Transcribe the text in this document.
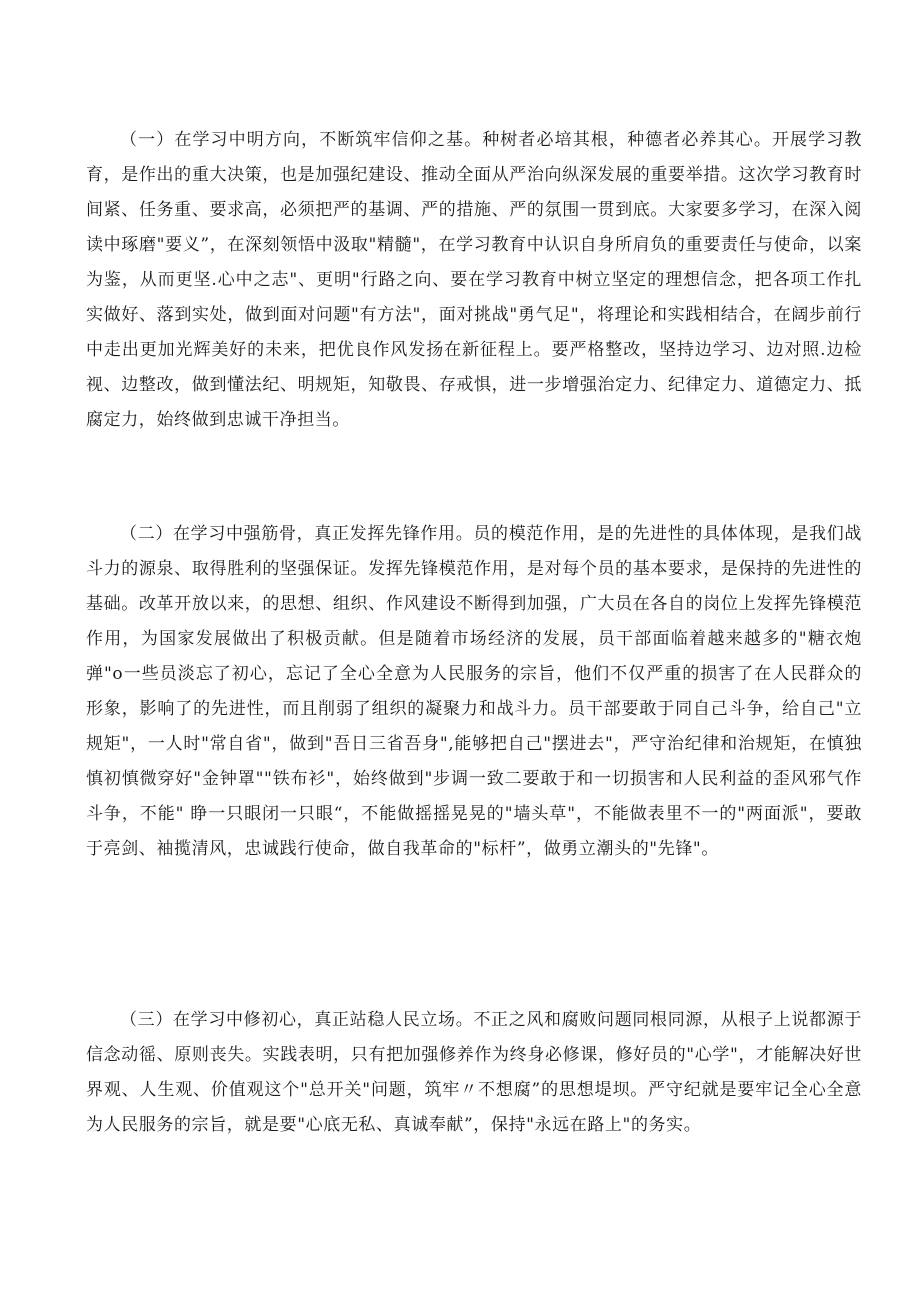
（一）在学习中明方向，不断筑牢信仰之基。种树者必培其根，种德者必养其心。开展学习教育，是作出的重大决策，也是加强纪建设、推动全面从严治向纵深发展的重要举措。这次学习教育时间紧、任务重、要求高，必须把严的基调、严的措施、严的氛围一贯到底。大家要多学习，在深入阅读中琢磨"要义”，在深刻领悟中汲取"精髓"，在学习教育中认识自身所肩负的重要责任与使命，以案为鉴，从而更坚.心中之志"、更明"行路之向、要在学习教育中树立坚定的理想信念，把各项工作扎实做好、落到实处，做到面对问题"有方法"，面对挑战"勇气足"，将理论和实践相结合，在阔步前行中走出更加光辉美好的未来，把优良作风发扬在新征程上。要严格整改，坚持边学习、边对照.边检视、边整改，做到懂法纪、明规矩，知敬畏、存戒惧，进一步增强治定力、纪律定力、道德定力、抵腐定力，始终做到忠诚干净担当。

（二）在学习中强筋骨，真正发挥先锋作用。员的模范作用，是的先进性的具体体现，是我们战斗力的源泉、取得胜利的坚强保证。发挥先锋模范作用，是对每个员的基本要求，是保持的先进性的基础。改革开放以来，的思想、组织、作风建设不断得到加强，广大员在各自的岗位上发挥先锋模范作用，为国家发展做出了积极贡献。但是随着市场经济的发展，员干部面临着越来越多的"糖衣炮弹"o一些员淡忘了初心，忘记了全心全意为人民服务的宗旨，他们不仅严重的损害了在人民群众的形象，影响了的先进性，而且削弱了组织的凝聚力和战斗力。员干部要敢于同自己斗争，给自己"立规矩"，一人时"常自省"，做到"吾日三省吾身",能够把自己"摆进去"，严守治纪律和治规矩，在慎独慎初慎微穿好"金钟罩""铁布衫"，始终做到"步调一致二要敢于和一切损害和人民利益的歪风邪气作斗争，不能" 睁一只眼闭一只眼“，不能做摇摇晃晃的"墙头草"，不能做表里不一的"两面派"，要敢于亮剑、袖揽清风，忠诚践行使命，做自我革命的"标杆”，做勇立潮头的"先锋"。

（三）在学习中修初心，真正站稳人民立场。不正之风和腐败问题同根同源，从根子上说都源于信念动徭、原则丧失。实践表明，只有把加强修养作为终身必修课，修好员的"心学"，才能解决好世界观、人生观、价值观这个"总开关"问题，筑牢〃不想腐”的思想堤坝。严守纪就是要牢记全心全意为人民服务的宗旨，就是要"心底无私、真诚奉献”，保持"永远在路上"的务实。
